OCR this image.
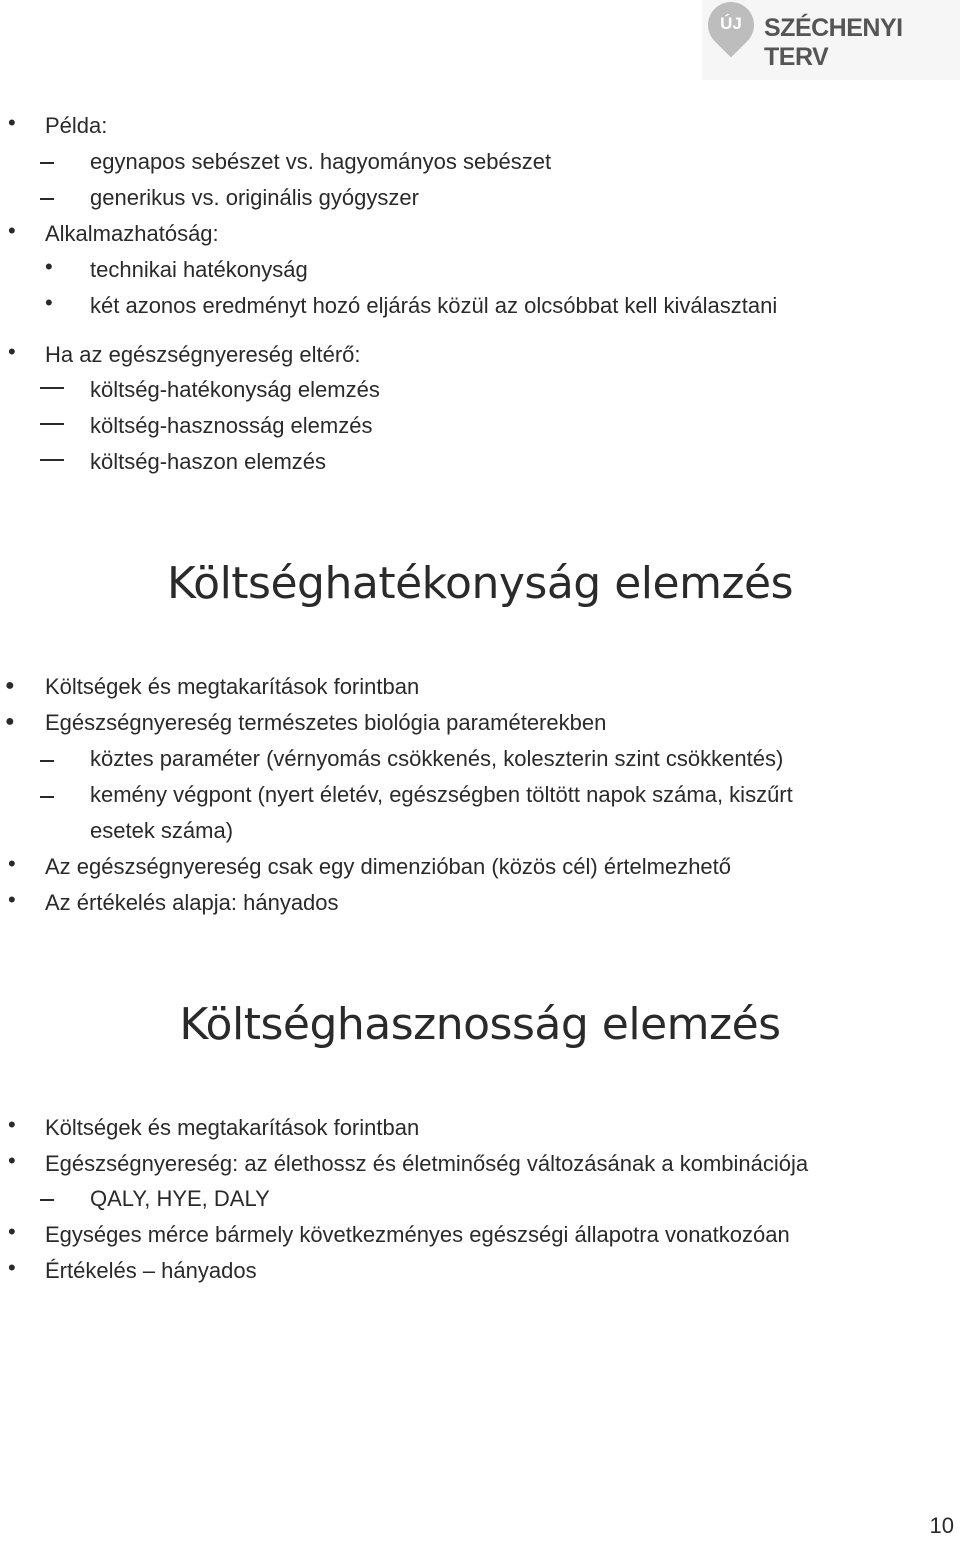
ÚJ SZÉCHENYI TERV
• Példa:
egynapos sebészet vs. hagyományos sebészet
generikus vs. originális gyógyszer
• Alkalmazhatóság:
• technikai hatékonyság
• két azonos eredményt hozó eljárás közül az olcsóbbat kell kiválasztani
• Ha az egészségnyereség eltérő:
költség-hatékonyság elemzés
költség-hasznosság elemzés
költség-haszon elemzés
Költséghatékonyság elemzés
● Költségek és megtakarítások forintban
● Egészségnyereség természetes biológia paraméterekben
köztes paraméter (vérnyomás csökkenés, koleszterin szint csökkentés)
kemény végpont (nyert életév, egészségben töltött napok száma, kiszűrt
esetek száma)
• Az egészségnyereség csak egy dimenzióban (közös cél) értelmezhető
• Az értékelés alapja: hányados
Költséghasznosság elemzés
• Költségek és megtakarítások forintban
• Egészségnyereség: az élethossz és életminőség változásának a kombinációja
QALY, HYE, DALY
• Egységes mérce bármely következményes egészségi állapotra vonatkozóan
• Értékelés – hányados
10
